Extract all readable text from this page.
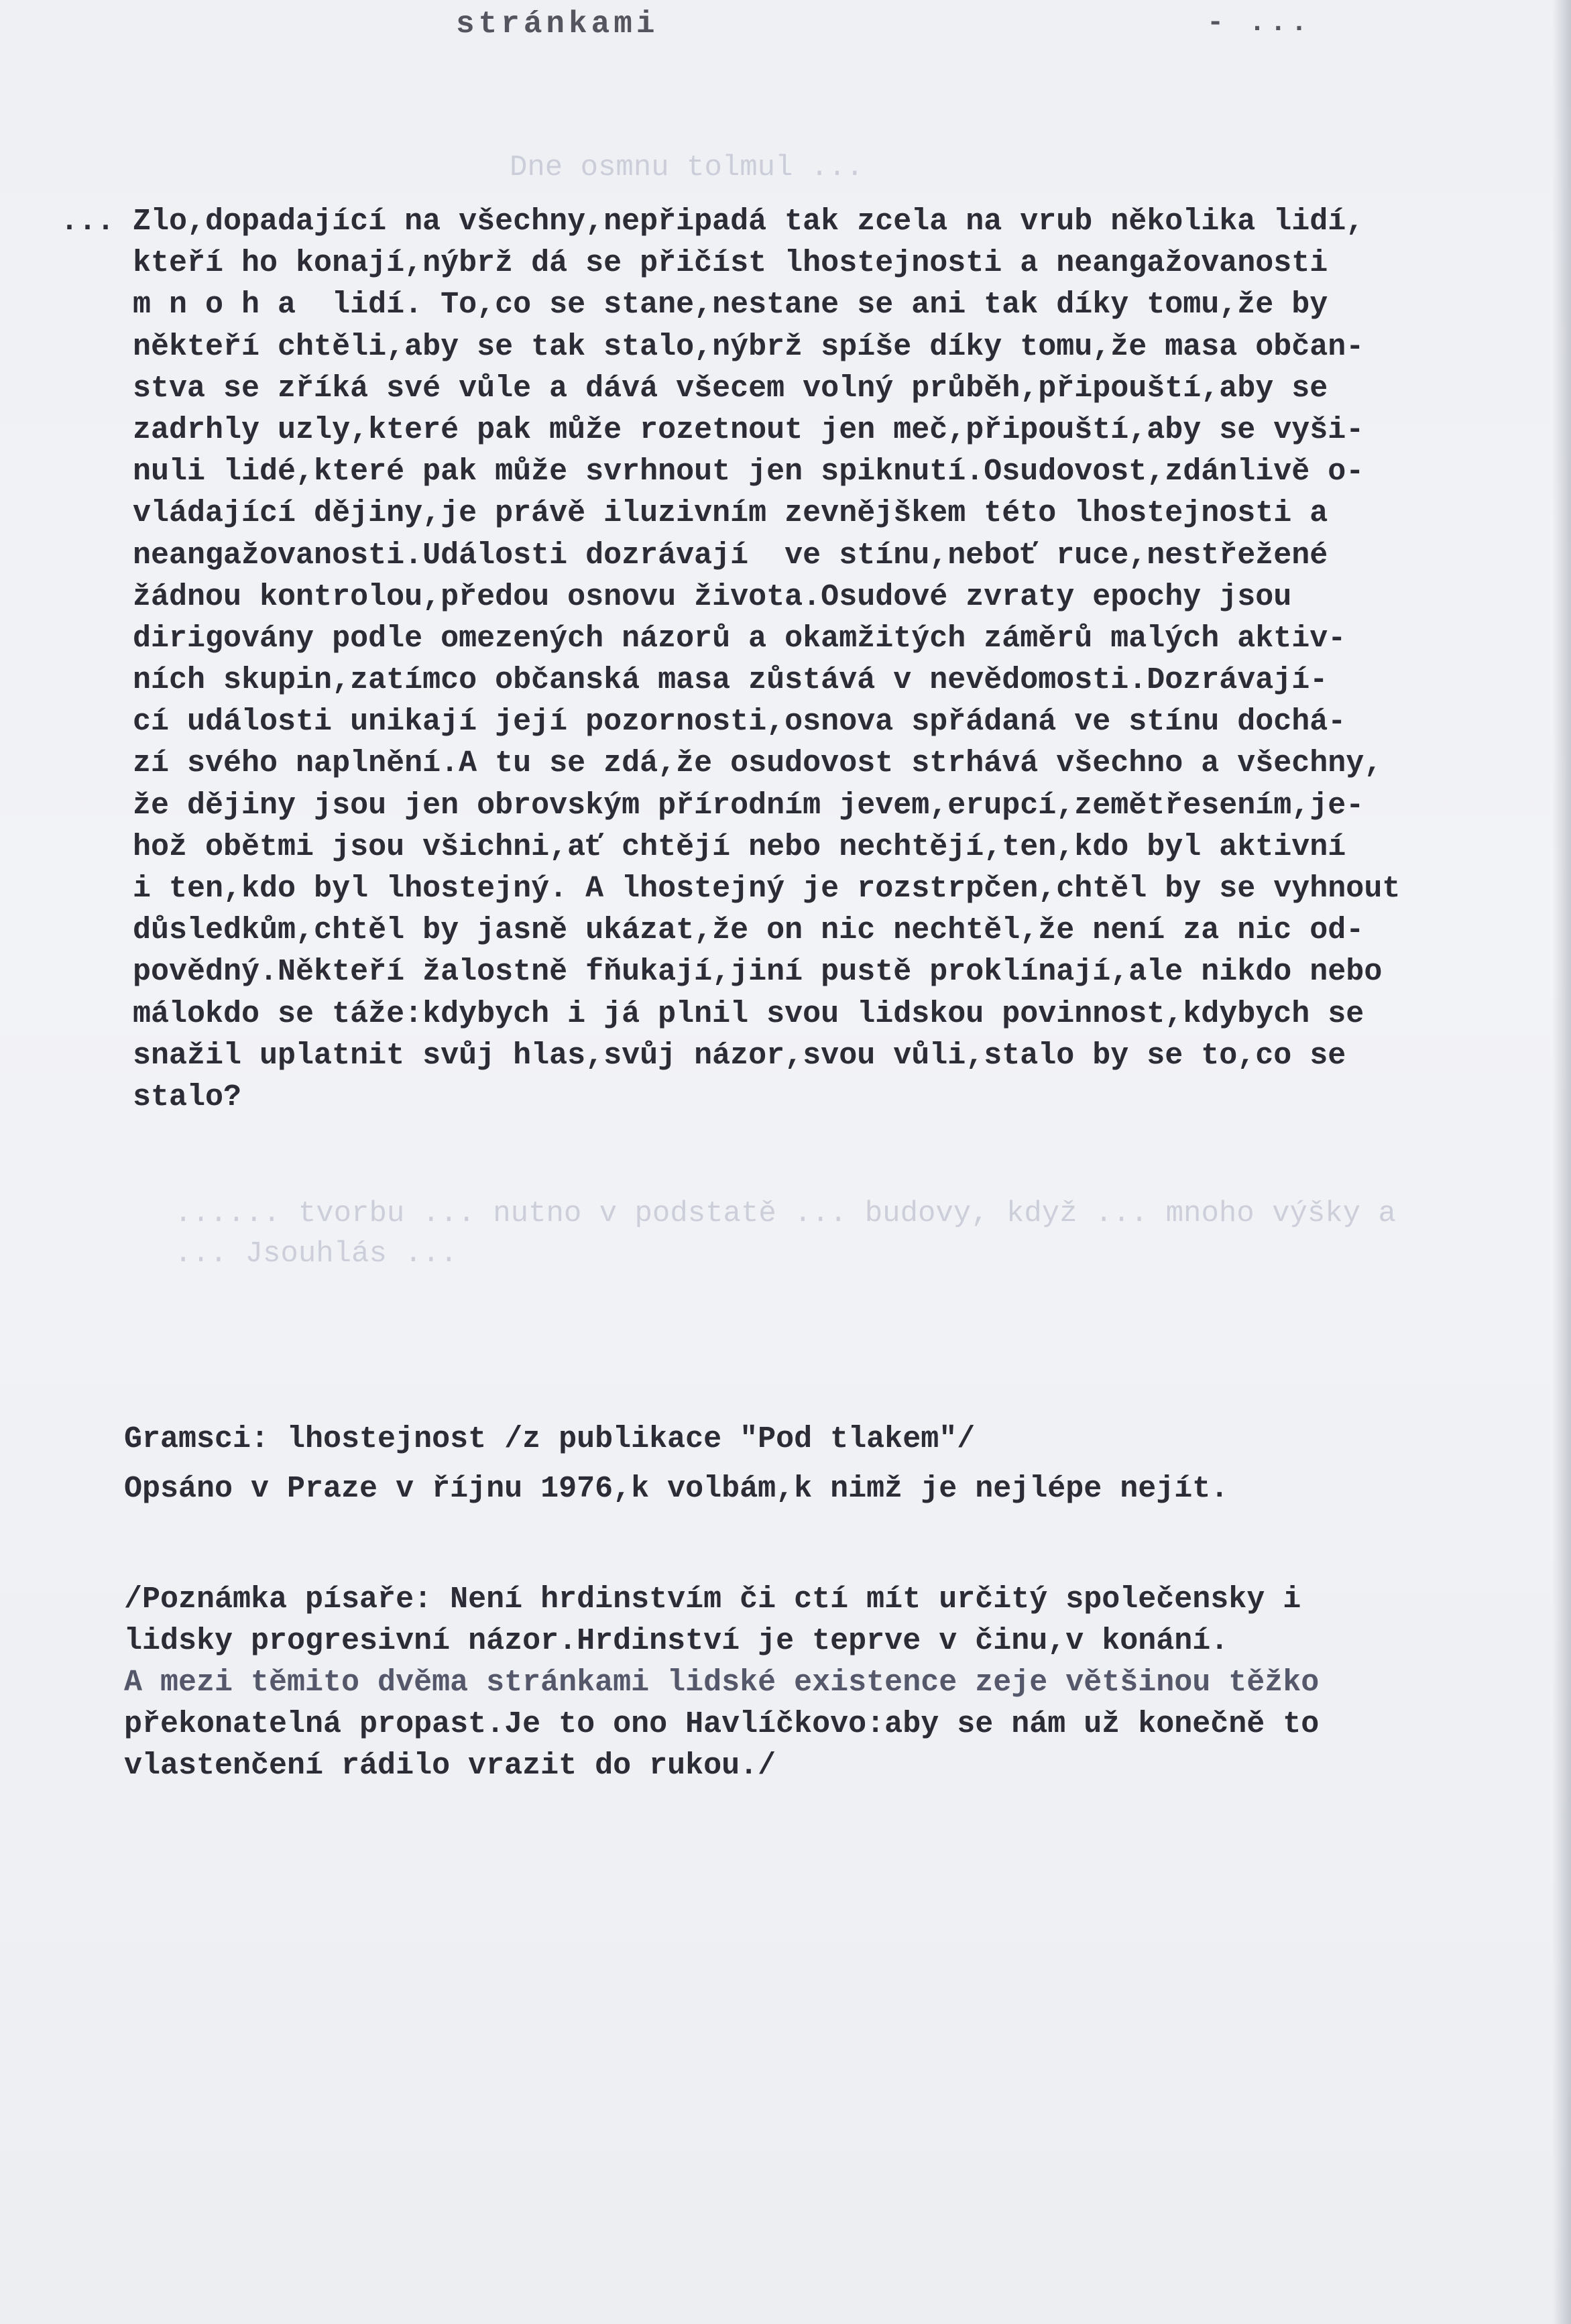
stránkami	- ...
Dne osmnu tolmul ...
...... tvorbu ... nutno v podstatě ... budovy, když ... mnoho výšky a ... Jsouhlás ...
... Zlo,dopadající na všechny,nepřipadá tak zcela na vrub několika lidí,
kteří ho konají,nýbrž dá se přičíst lhostejnosti a neangažovanosti
m n o h a  lidí. To,co se stane,nestane se ani tak díky tomu,že by
někteří chtěli,aby se tak stalo,nýbrž spíše díky tomu,že masa občan-
stva se zříká své vůle a dává všecem volný průběh,připouští,aby se
zadrhly uzly,které pak může rozetnout jen meč,připouští,aby se vyši-
nuli lidé,které pak může svrhnout jen spiknutí.Osudovost,zdánlivě o-
vládající dějiny,je právě iluzivním zevnějškem této lhostejnosti a
neangažovanosti.Události dozrávají  ve stínu,neboť ruce,nestřežené
žádnou kontrolou,předou osnovu života.Osudové zvraty epochy jsou
dirigovány podle omezených názorů a okamžitých záměrů malých aktiv-
ních skupin,zatímco občanská masa zůstává v nevědomosti.Dozrávají-
cí události unikají její pozornosti,osnova spřádaná ve stínu dochá-
zí svého naplnění.A tu se zdá,že osudovost strhává všechno a všechny,
že dějiny jsou jen obrovským přírodním jevem,erupcí,zemětřesením,je-
hož obětmi jsou všichni,ať chtějí nebo nechtějí,ten,kdo byl aktivní
i ten,kdo byl lhostejný. A lhostejný je rozstrpčen,chtěl by se vyhnout
důsledkům,chtěl by jasně ukázat,že on nic nechtěl,že není za nic od-
povědný.Někteří žalostně fňukají,jiní pustě proklínají,ale nikdo nebo
málokdo se táže:kdybych i já plnil svou lidskou povinnost,kdybych se
snažil uplatnit svůj hlas,svůj názor,svou vůli,stalo by se to,co se
stalo?
Gramsci: lhostejnost /z publikace "Pod tlakem"/
Opsáno v Praze v říjnu 1976,k volbám,k nimž je nejlépe nejít.
/Poznámka písaře: Není hrdinstvím či ctí mít určitý společensky i
lidsky progresivní názor.Hrdinství je teprve v činu,v konání.
A mezi těmito dvěma stránkami lidské existence zeje většinou těžko
překonatelná propast.Je to ono Havlíčkovo:aby se nám už konečně to
vlastenčení rádilo vrazit do rukou./
